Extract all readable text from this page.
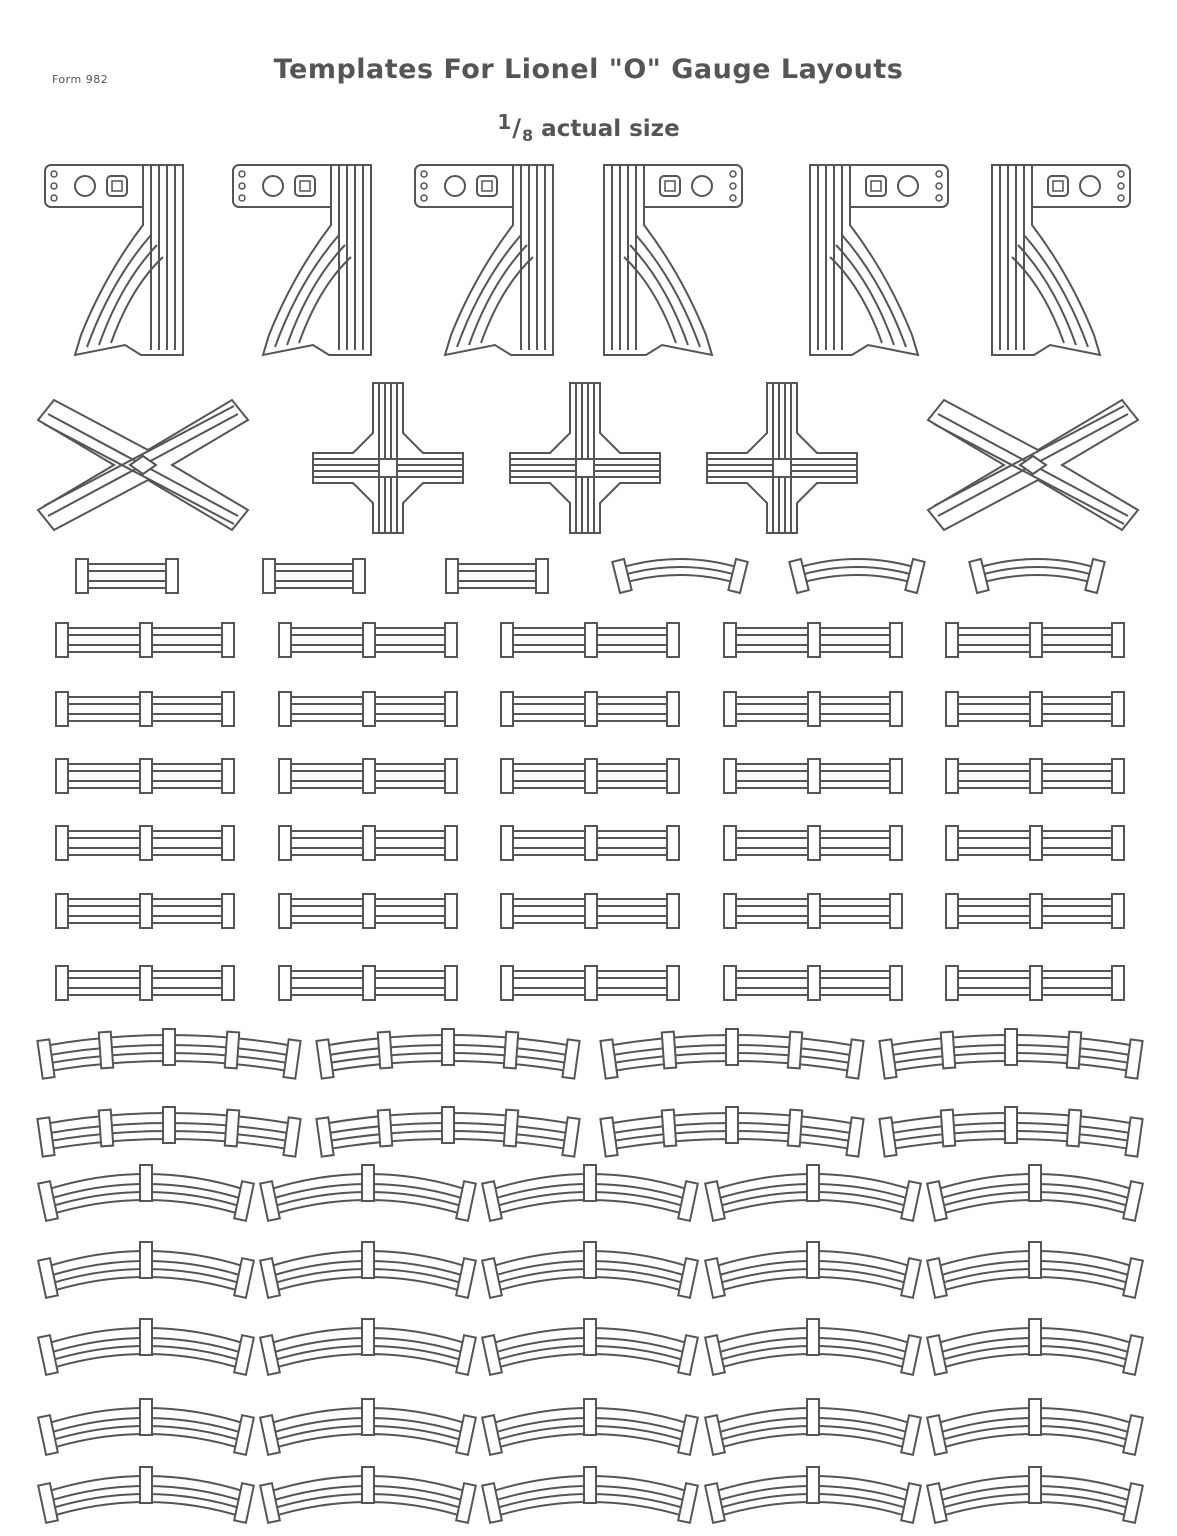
Form 982	Templates For Lionel "O" Gauge Layouts
$1/_8$ actual size
